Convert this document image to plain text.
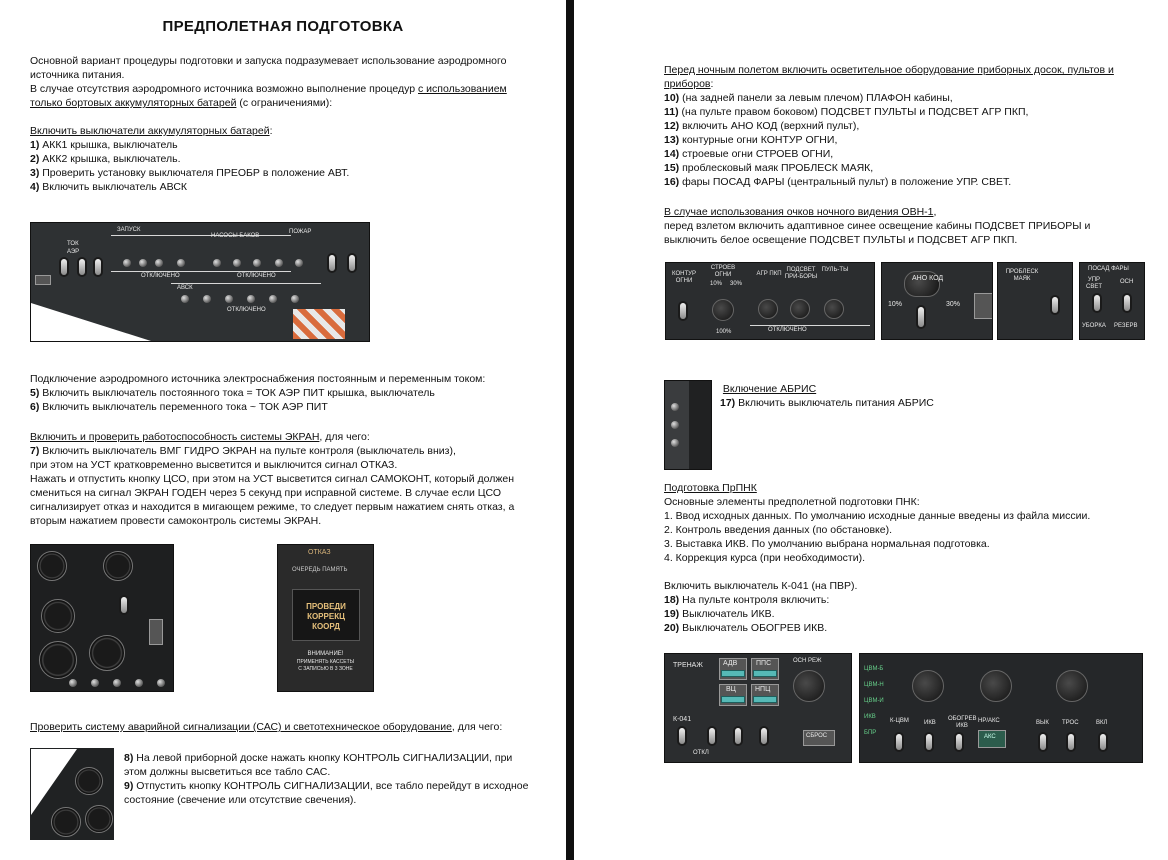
ПРЕДПОЛЕТНАЯ ПОДГОТОВКА

Основной вариант процедуры подготовки и запуска подразумевает использование аэродромного

источника питания.

В случае отсутствия аэродромного источника возможно выполнение процедур с использованием

только бортовых аккумуляторных батарей (с ограничениями):

Включить выключатели аккумуляторных батарей:

1) АКК1 крышка, выключатель

2) АКК2 крышка, выключатель.

3) Проверить установку выключателя ПРЕОБР в положение АВТ.

4) Включить выключатель АВСК

ЗАПУСК
ОТКЛЮЧЕНО
НАСОСЫ БАКОВ
ПОЖАР
ОТКЛЮЧЕНО
ОТКЛЮЧЕНО
АВСК
ТОК
АЭР

Подключение аэродромного источника электроснабжения постоянным и переменным током:

5) Включить выключатель постоянного тока = ТОК АЭР ПИТ крышка, выключатель

6) Включить выключатель переменного тока ~ ТОК АЭР ПИТ

Включить и проверить работоспособность системы ЭКРАН, для чего:

7) Включить выключатель ВМГ ГИДРО ЭКРАН на пульте контроля (выключатель вниз),

при этом на УСТ кратковременно высветится и выключится сигнал ОТКАЗ.

Нажать и отпустить кнопку ЦСО, при этом на УСТ высветится сигнал САМОКОНТ, который должен

смениться на сигнал ЭКРАН ГОДЕН через 5 секунд при исправной системе. В случае если ЦСО

сигнализирует отказ и находится в мигающем режиме, то следует первым нажатием снять отказ, а

вторым нажатием провести самоконтроль системы ЭКРАН.

ОТКАЗ
ОЧЕРЕДЬ ПАМЯТЬ
ПРОВЕДИ
КОРРЕКЦ
КООРД
ВНИМАНИЕ!
ПРИМЕНЯТЬ КАССЕТЫ
С ЗАПИСЬЮ В 3 ЗОНЕ

Проверить систему аварийной сигнализации (САС) и светотехническое оборудование, для чего:

8) На левой приборной доске нажать кнопку КОНТРОЛЬ СИГНАЛИЗАЦИИ, при

этом должны высветиться все табло САС.

9) Отпустить кнопку КОНТРОЛЬ СИГНАЛИЗАЦИИ, все табло перейдут в исходное

состояние (свечение или отсутствие свечения).

Перед ночным полетом включить осветительное оборудование приборных досок, пультов и

приборов:

10) (на задней панели за левым плечом) ПЛАФОН кабины,

11) (на пульте правом боковом) ПОДСВЕТ ПУЛЬТЫ и ПОДСВЕТ АГР ПКП,

12) включить АНО КОД (верхний пульт),

13) контурные огни КОНТУР ОГНИ,

14) строевые огни СТРОЕВ ОГНИ,

15) проблесковый маяк ПРОБЛЕСК МАЯК,

16) фары ПОСАД ФАРЫ (центральный пульт) в положение УПР. СВЕТ.

В случае использования очков ночного видения ОВН-1,

перед взлетом включить адаптивное синее освещение кабины ПОДСВЕТ ПРИБОРЫ и

выключить белое освещение ПОДСВЕТ ПУЛЬТЫ и ПОДСВЕТ АГР ПКП.

КОНТУР ОГНИ
СТРОЕВ ОГНИ	АГР ПКП
ПОДСВЕТ ПРИ-БОРЫ
ПУЛЬ-ТЫ
ОТКЛЮЧЕНО
10% 30%
100%
АНО КОД
10%	30%
ПРОБЛЕСК МАЯК
ПОСАД ФАРЫ
УПР СВЕТ
ОСН
УБОРКА РЕЗЕРВ

Включение АБРИС

17) Включить выключатель питания АБРИС

Подготовка ПрПНК

Основные элементы предполетной подготовки ПНК:

1. Ввод исходных данных. По умолчанию исходные данные введены из файла миссии.

2. Контроль введения данных (по обстановке).

3. Выставка ИКВ. По умолчанию выбрана нормальная подготовка.

4. Коррекция курса (при необходимости).

Включить выключатель К-041 (на ПВР).

18) На пульте контроля включить:

19) Выключатель ИКВ.

20) Выключатель ОБОГРЕВ ИКВ.

ТРЕНАЖ	АДВ	ППС
ВЦ	НПЦ
ОСН РЕЖ
К-041
ОТКЛ
СБРОС
ЦВМ-Б
ЦВМ-Н
ЦВМ-И
ИКВ
БПР
К-ЦВМ	ИКВ
ОБОГРЕВ ИКВ
НР/АКС	ВЫК ТРОС	ВКЛ
АКС
